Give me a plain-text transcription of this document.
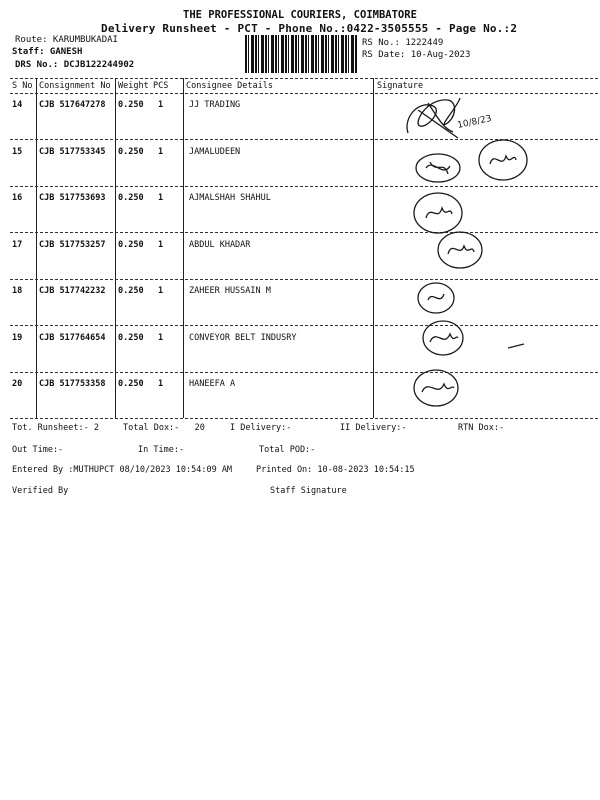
THE PROFESSIONAL COURIERS, COIMBATORE
Delivery Runsheet - PCT - Phone No.:0422-3505555 - Page No.:2
Route: KARUMBUKADAI
Staff: GANESH
DRS No.: DCJB122244902
RS No.: 1222449
RS Date: 10-Aug-2023
S No Consignment No Weight PCS Consignee Details	Signature
14 CJB 517647278 0.250 1	JJ TRADING
15 CJB 517753345 0.250 1	JAMALUDEEN
16 CJB 517753693 0.250 1	AJMALSHAH SHAHUL
17 CJB 517753257 0.250 1	ABDUL KHADAR
18 CJB 517742232 0.250 1	ZAHEER HUSSAIN M
19 CJB 517764654 0.250 1	CONVEYOR BELT INDUSRY
20 CJB 517753358 0.250 1	HANEEFA A
10/8/23
Tot. Runsheet:- 2	Total Dox:-   20	I Delivery:-	II Delivery:-	RTN Dox:-
Out Time:-	In Time:-	Total POD:-
Entered By :MUTHUPCT 08/10/2023 10:54:09 AM	Printed On: 10-08-2023 10:54:15
Verified By	Staff Signature
